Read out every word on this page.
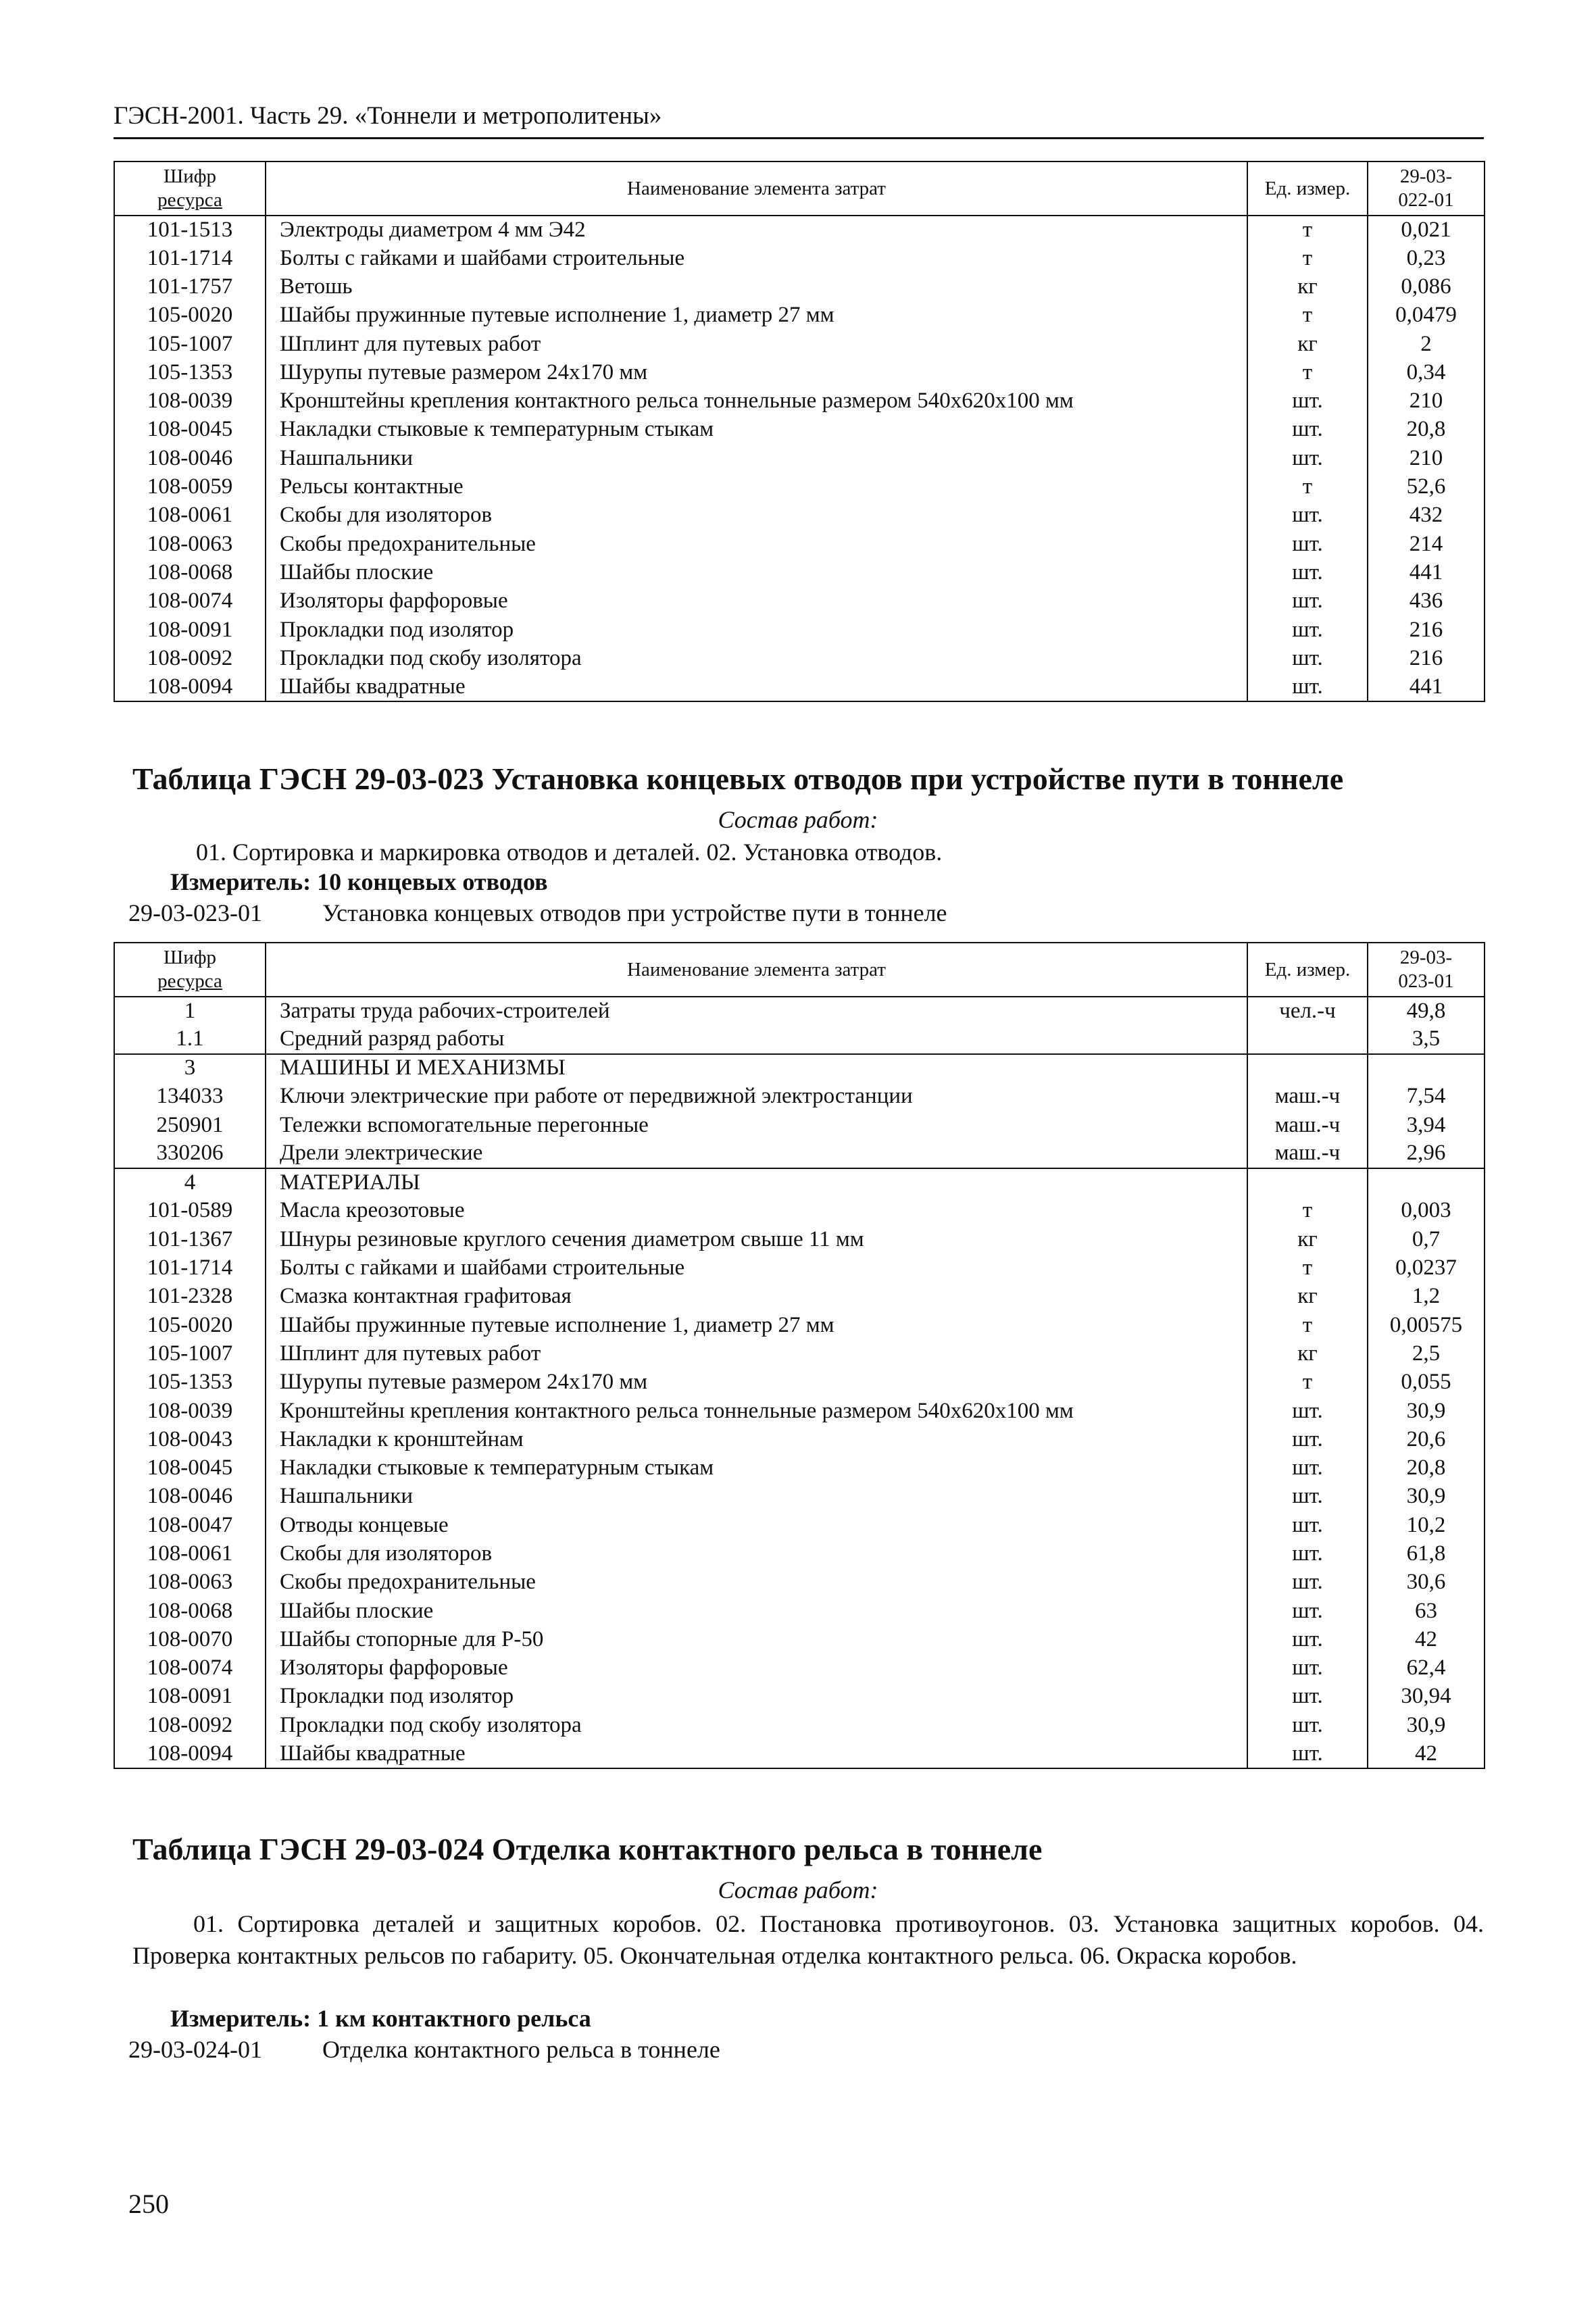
ГЭСН-2001. Часть 29. «Тоннели и метрополитены»
Шифр
ресурса	Наименование элемента затрат	Ед. измер.	29-03-
022-01
101-1513	Электроды диаметром 4 мм Э42	т	0,021
101-1714	Болты с гайками и шайбами строительные	т	0,23
101-1757	Ветошь	кг	0,086
105-0020	Шайбы пружинные путевые исполнение 1, диаметр 27 мм	т	0,0479
105-1007	Шплинт для путевых работ	кг	2
105-1353	Шурупы путевые размером 24х170 мм	т	0,34
108-0039	Кронштейны крепления контактного рельса тоннельные размером 540х620х100 мм	шт.	210
108-0045	Накладки стыковые к температурным стыкам	шт.	20,8
108-0046	Нашпальники	шт.	210
108-0059	Рельсы контактные	т	52,6
108-0061	Скобы для изоляторов	шт.	432
108-0063	Скобы предохранительные	шт.	214
108-0068	Шайбы плоские	шт.	441
108-0074	Изоляторы фарфоровые	шт.	436
108-0091	Прокладки под изолятор	шт.	216
108-0092	Прокладки под скобу изолятора	шт.	216
108-0094	Шайбы квадратные	шт.	441
Таблица ГЭСН 29-03-023 Установка концевых отводов при устройстве пути в тоннеле
Состав работ:
01. Сортировка и маркировка отводов и деталей. 02. Установка отводов.
Измеритель: 10 концевых отводов
29-03-023-01 Установка концевых отводов при устройстве пути в тоннеле
Шифр
ресурса	Наименование элемента затрат	Ед. измер.	29-03-
023-01
1	Затраты труда рабочих-строителей	чел.-ч	49,8
1.1	Средний разряд работы		3,5
3	МАШИНЫ И МЕХАНИЗМЫ		
134033	Ключи электрические при работе от передвижной электростанции	маш.-ч	7,54
250901	Тележки вспомогательные перегонные	маш.-ч	3,94
330206	Дрели электрические	маш.-ч	2,96
4	МАТЕРИАЛЫ		
101-0589	Масла креозотовые	т	0,003
101-1367	Шнуры резиновые круглого сечения диаметром свыше 11 мм	кг	0,7
101-1714	Болты с гайками и шайбами строительные	т	0,0237
101-2328	Смазка контактная графитовая	кг	1,2
105-0020	Шайбы пружинные путевые исполнение 1, диаметр 27 мм	т	0,00575
105-1007	Шплинт для путевых работ	кг	2,5
105-1353	Шурупы путевые размером 24х170 мм	т	0,055
108-0039	Кронштейны крепления контактного рельса тоннельные размером 540х620х100 мм	шт.	30,9
108-0043	Накладки к кронштейнам	шт.	20,6
108-0045	Накладки стыковые к температурным стыкам	шт.	20,8
108-0046	Нашпальники	шт.	30,9
108-0047	Отводы концевые	шт.	10,2
108-0061	Скобы для изоляторов	шт.	61,8
108-0063	Скобы предохранительные	шт.	30,6
108-0068	Шайбы плоские	шт.	63
108-0070	Шайбы стопорные для Р-50	шт.	42
108-0074	Изоляторы фарфоровые	шт.	62,4
108-0091	Прокладки под изолятор	шт.	30,94
108-0092	Прокладки под скобу изолятора	шт.	30,9
108-0094	Шайбы квадратные	шт.	42
Таблица ГЭСН 29-03-024 Отделка контактного рельса в тоннеле
Состав работ:
01. Сортировка деталей и защитных коробов. 02. Постановка противоугонов. 03. Установка защитных коробов. 04. Проверка контактных рельсов по габариту. 05. Окончательная отделка контактного рельса. 06. Окраска коробов.
Измеритель: 1 км контактного рельса
29-03-024-01 Отделка контактного рельса в тоннеле
250
